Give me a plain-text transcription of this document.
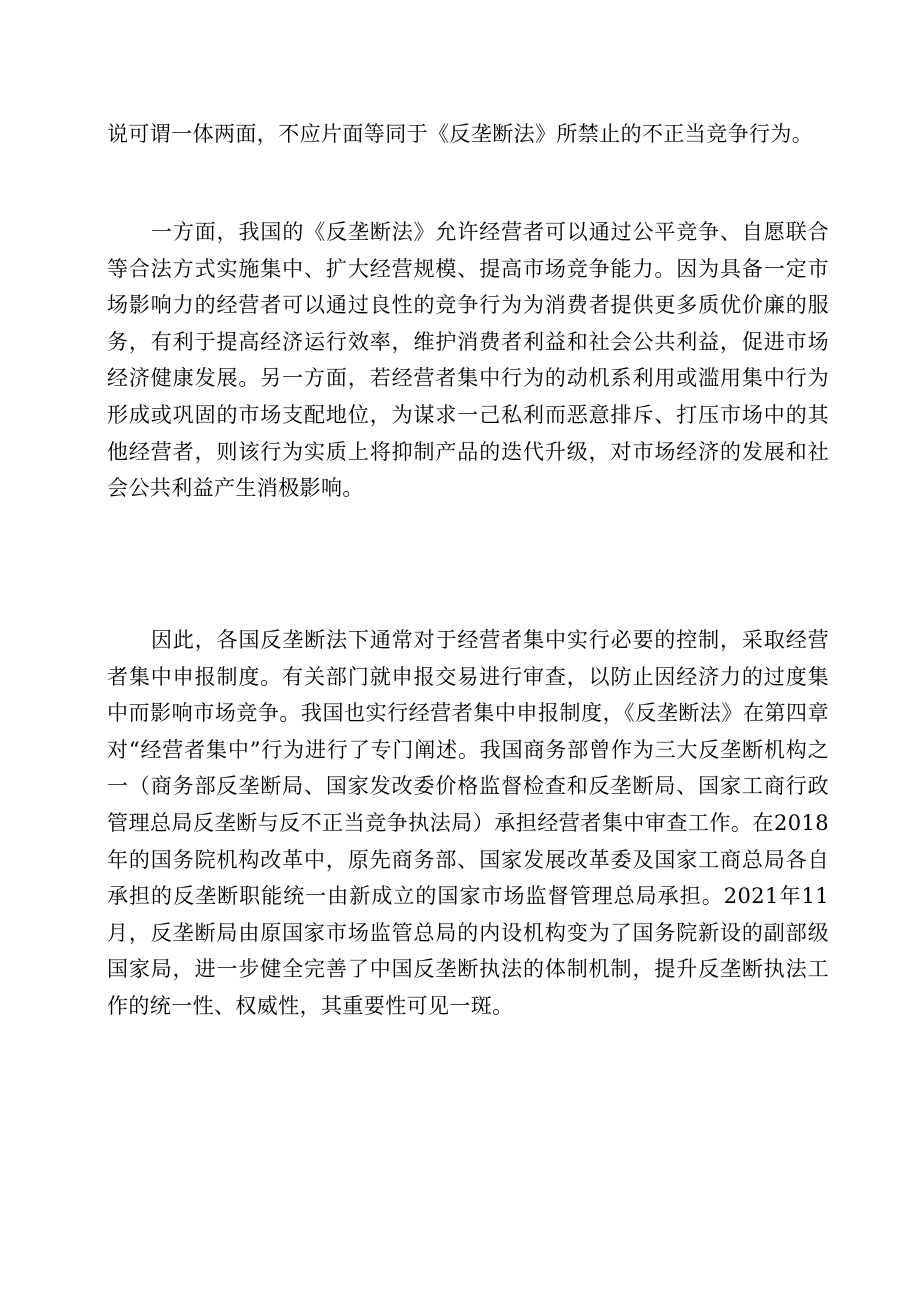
说可谓一体两面，不应片面等同于《反垄断法》所禁止的不正当竞争行为。

一方面，我国的《反垄断法》允许经营者可以通过公平竞争、自愿联合等合法方式实施集中、扩大经营规模、提高市场竞争能力。因为具备一定市场影响力的经营者可以通过良性的竞争行为为消费者提供更多质优价廉的服务，有利于提高经济运行效率，维护消费者利益和社会公共利益，促进市场经济健康发展。另一方面，若经营者集中行为的动机系利用或滥用集中行为形成或巩固的市场支配地位，为谋求一己私利而恶意排斥、打压市场中的其他经营者，则该行为实质上将抑制产品的迭代升级，对市场经济的发展和社会公共利益产生消极影响。

因此，各国反垄断法下通常对于经营者集中实行必要的控制，采取经营者集中申报制度。有关部门就申报交易进行审查，以防止因经济力的过度集中而影响市场竞争。我国也实行经营者集中申报制度，《反垄断法》在第四章对“经营者集中”行为进行了专门阐述。我国商务部曾作为三大反垄断机构之一（商务部反垄断局、国家发改委价格监督检查和反垄断局、国家工商行政管理总局反垄断与反不正当竞争执法局）承担经营者集中审查工作。在2018年的国务院机构改革中，原先商务部、国家发展改革委及国家工商总局各自承担的反垄断职能统一由新成立的国家市场监督管理总局承担。2021年11月，反垄断局由原国家市场监管总局的内设机构变为了国务院新设的副部级国家局，进一步健全完善了中国反垄断执法的体制机制，提升反垄断执法工作的统一性、权威性，其重要性可见一斑。
